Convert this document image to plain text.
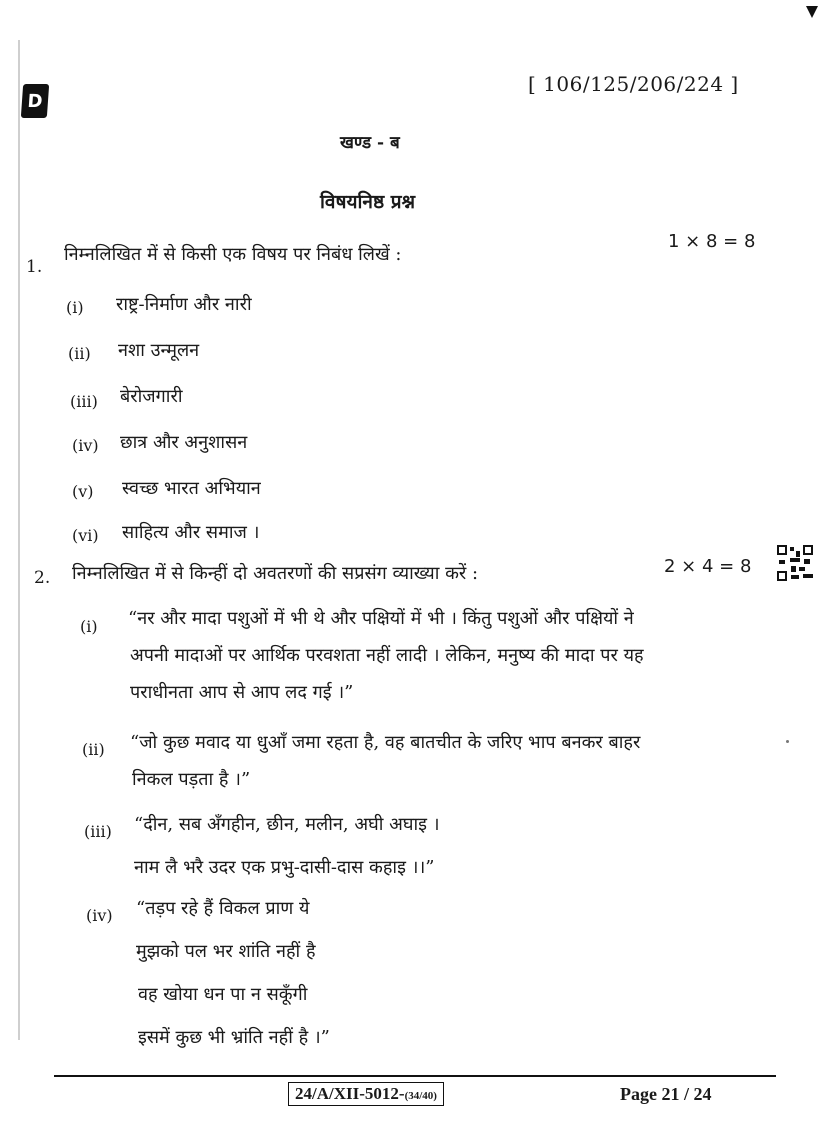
D
[ 106/125/206/224 ]
खण्ड - ब
विषयनिष्ठ प्रश्न
1.
निम्नलिखित में से किसी एक विषय पर निबंध लिखें :
1 × 8 = 8
(i) राष्ट्र-निर्माण और नारी
(ii) नशा उन्मूलन
(iii) बेरोजगारी
(iv) छात्र और अनुशासन
(v) स्वच्छ भारत अभियान
(vi) साहित्य और समाज ।
2. निम्नलिखित में से किन्हीं दो अवतरणों की सप्रसंग व्याख्या करें :	2 × 4 = 8
(i) “नर और मादा पशुओं में भी थे और पक्षियों में भी । किंतु पशुओं और पक्षियों ने
अपनी मादाओं पर आर्थिक परवशता नहीं लादी । लेकिन, मनुष्य की मादा पर यह
पराधीनता आप से आप लद गई ।”
(ii) “जो कुछ मवाद या धुआँ जमा रहता है, वह बातचीत के जरिए भाप बनकर बाहर
निकल पड़ता है ।”
(iii) “दीन, सब अँगहीन, छीन, मलीन, अघी अघाइ ।
नाम लै भरै उदर एक प्रभु-दासी-दास कहाइ ।।”
(iv) “तड़प रहे हैं विकल प्राण ये
मुझको पल भर शांति नहीं है
वह खोया धन पा न सकूँगी
इसमें कुछ भी भ्रांति नहीं है ।”
24/A/XII-5012-(34/40)	Page 21 / 24
